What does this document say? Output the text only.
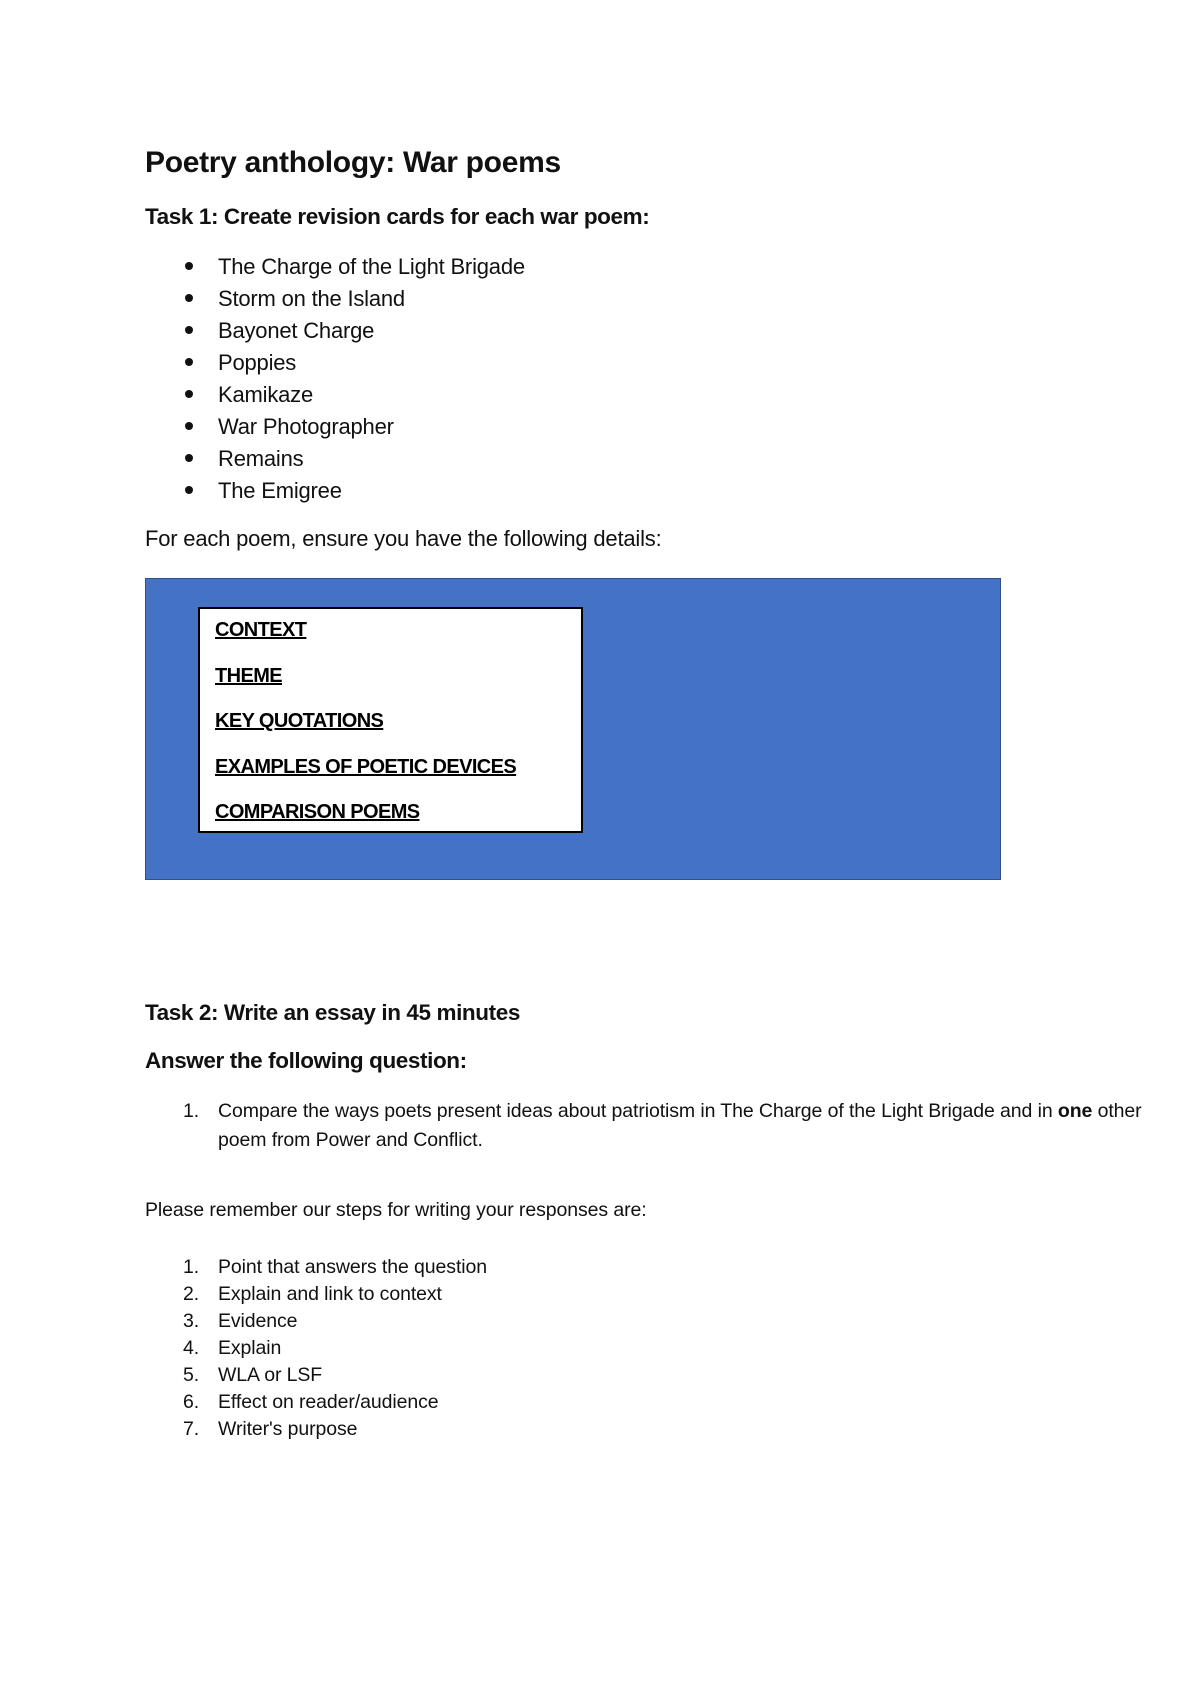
Poetry anthology: War poems
Task 1: Create revision cards for each war poem:
The Charge of the Light Brigade
Storm on the Island
Bayonet Charge
Poppies
Kamikaze
War Photographer
Remains
The Emigree

For each poem, ensure you have the following details:

CONTEXT
THEME
KEY QUOTATIONS
EXAMPLES OF POETIC DEVICES
COMPARISON POEMS
Task 2: Write an essay in 45 minutes
Answer the following question:
1. Compare the ways poets present ideas about patriotism in The Charge of the Light Brigade and in one other poem from Power and Conflict.

Please remember our steps for writing your responses are:

1. Point that answers the question
2. Explain and link to context
3. Evidence
4. Explain
5. WLA or LSF
6. Effect on reader/audience
7. Writer's purpose
